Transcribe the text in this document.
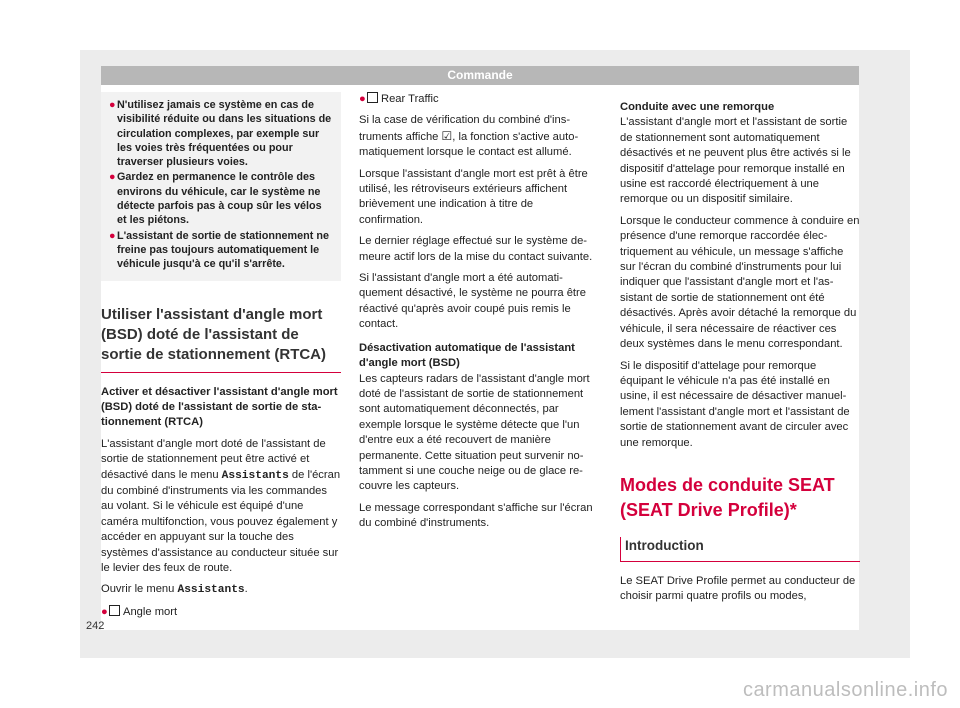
Commande
● N'utilisez jamais ce système en cas de visibilité réduite ou dans les situations de circulation complexes, par exemple sur les voies très fréquentées ou pour traverser plusieurs voies.
● Gardez en permanence le contrôle des environs du véhicule, car le système ne détecte parfois pas à coup sûr les vélos et les piétons.
● L'assistant de sortie de stationnement ne freine pas toujours automatiquement le véhicule jusqu'à ce qu'il s'arrête.
Utiliser l'assistant d'angle mort (BSD) doté de l'assistant de sortie de stationnement (RTCA)

Activer et désactiver l'assistant d'angle mort (BSD) doté de l'assistant de sortie de stationnement (RTCA)

L'assistant d'angle mort doté de l'assistant de sortie de stationnement peut être activé et désactivé dans le menu Assistants de l'écran du combiné d'instruments via les commandes au volant. Si le véhicule est équipé d'une caméra multifonction, vous pouvez également y accéder en appuyant sur la touche des systèmes d'assistance au conducteur située sur le levier des feux de route.

Ouvrir le menu Assistants.

● Angle mort
● Rear Traffic

Si la case de vérification du combiné d'instruments affiche ☑, la fonction s'active automatiquement lorsque le contact est allumé.

Lorsque l'assistant d'angle mort est prêt à être utilisé, les rétroviseurs extérieurs affichent brièvement une indication à titre de confirmation.

Le dernier réglage effectué sur le système demeure actif lors de la mise du contact suivante.

Si l'assistant d'angle mort a été automatiquement désactivé, le système ne pourra être réactivé qu'après avoir coupé puis remis le contact.

Désactivation automatique de l'assistant d'angle mort (BSD)

Les capteurs radars de l'assistant d'angle mort doté de l'assistant de sortie de stationnement sont automatiquement déconnectés, par exemple lorsque le système détecte que l'un d'entre eux a été recouvert de manière permanente. Cette situation peut survenir notamment si une couche neige ou de glace recouvre les capteurs.

Le message correspondant s'affiche sur l'écran du combiné d'instruments.

Conduite avec une remorque

L'assistant d'angle mort et l'assistant de sortie de stationnement sont automatiquement désactivés et ne peuvent plus être activés si le dispositif d'attelage pour remorque installé en usine est raccordé électriquement à une remorque ou un dispositif similaire.

Lorsque le conducteur commence à conduire en présence d'une remorque raccordée électriquement au véhicule, un message s'affiche sur l'écran du combiné d'instruments pour lui indiquer que l'assistant d'angle mort et l'assistant de sortie de stationnement ont été désactivés. Après avoir détaché la remorque du véhicule, il sera nécessaire de réactiver ces deux systèmes dans le menu correspondant.

Si le dispositif d'attelage pour remorque équipant le véhicule n'a pas été installé en usine, il est nécessaire de désactiver manuellement l'assistant d'angle mort et l'assistant de sortie de stationnement avant de circuler avec une remorque.

Modes de conduite SEAT (SEAT Drive Profile)*
Introduction

Le SEAT Drive Profile permet au conducteur de choisir parmi quatre profils ou modes,

242
carmanualsonline.info
